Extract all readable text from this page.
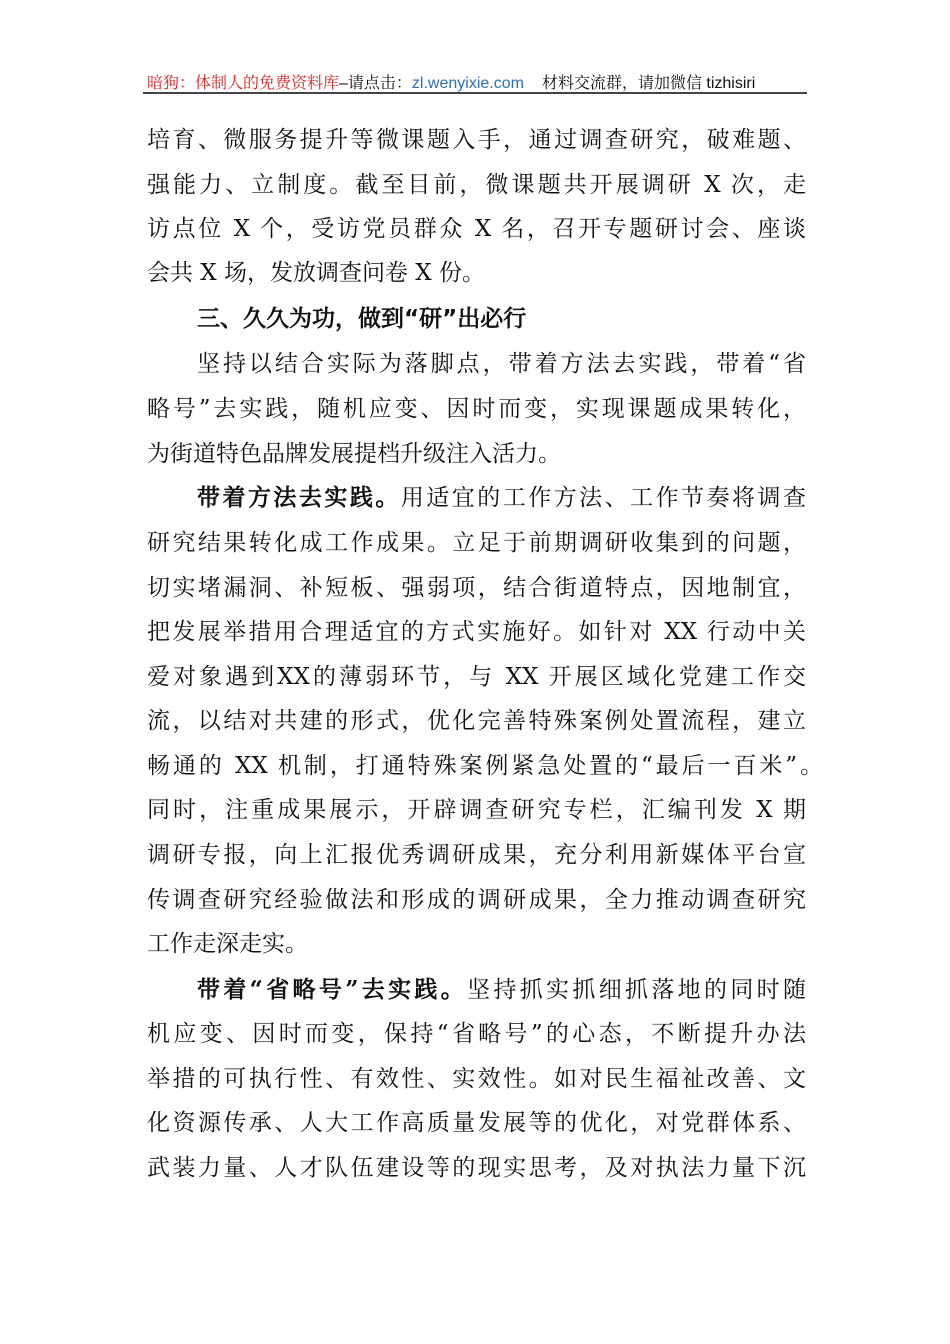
暗狗：体制人的免费资料库–请点击：zl.wenyixie.com 材料交流群，请加微信 tizhisiri
培育、微服务提升等微课题入手，通过调查研究，破难题、
强能力、立制度。截至目前，微课题共开展调研 X 次，走
访点位 X 个，受访党员群众 X 名，召开专题研讨会、座谈
会共 X 场，发放调查问卷 X 份。
三、久久为功，做到“研”出必行
坚持以结合实际为落脚点，带着方法去实践，带着“省
略号”去实践，随机应变、因时而变，实现课题成果转化，
为街道特色品牌发展提档升级注入活力。
带着方法去实践。用适宜的工作方法、工作节奏将调查
研究结果转化成工作成果。立足于前期调研收集到的问题，
切实堵漏洞、补短板、强弱项，结合街道特点，因地制宜，
把发展举措用合理适宜的方式实施好。如针对 XX 行动中关
爱对象遇到XX的薄弱环节，与 XX 开展区域化党建工作交
流，以结对共建的形式，优化完善特殊案例处置流程，建立
畅通的 XX 机制，打通特殊案例紧急处置的“最后一百米”。
同时，注重成果展示，开辟调查研究专栏，汇编刊发 X 期
调研专报，向上汇报优秀调研成果，充分利用新媒体平台宣
传调查研究经验做法和形成的调研成果，全力推动调查研究
工作走深走实。
带着“省略号”去实践。坚持抓实抓细抓落地的同时随
机应变、因时而变，保持“省略号”的心态，不断提升办法
举措的可执行性、有效性、实效性。如对民生福祉改善、文
化资源传承、人大工作高质量发展等的优化，对党群体系、
武装力量、人才队伍建设等的现实思考，及对执法力量下沉
